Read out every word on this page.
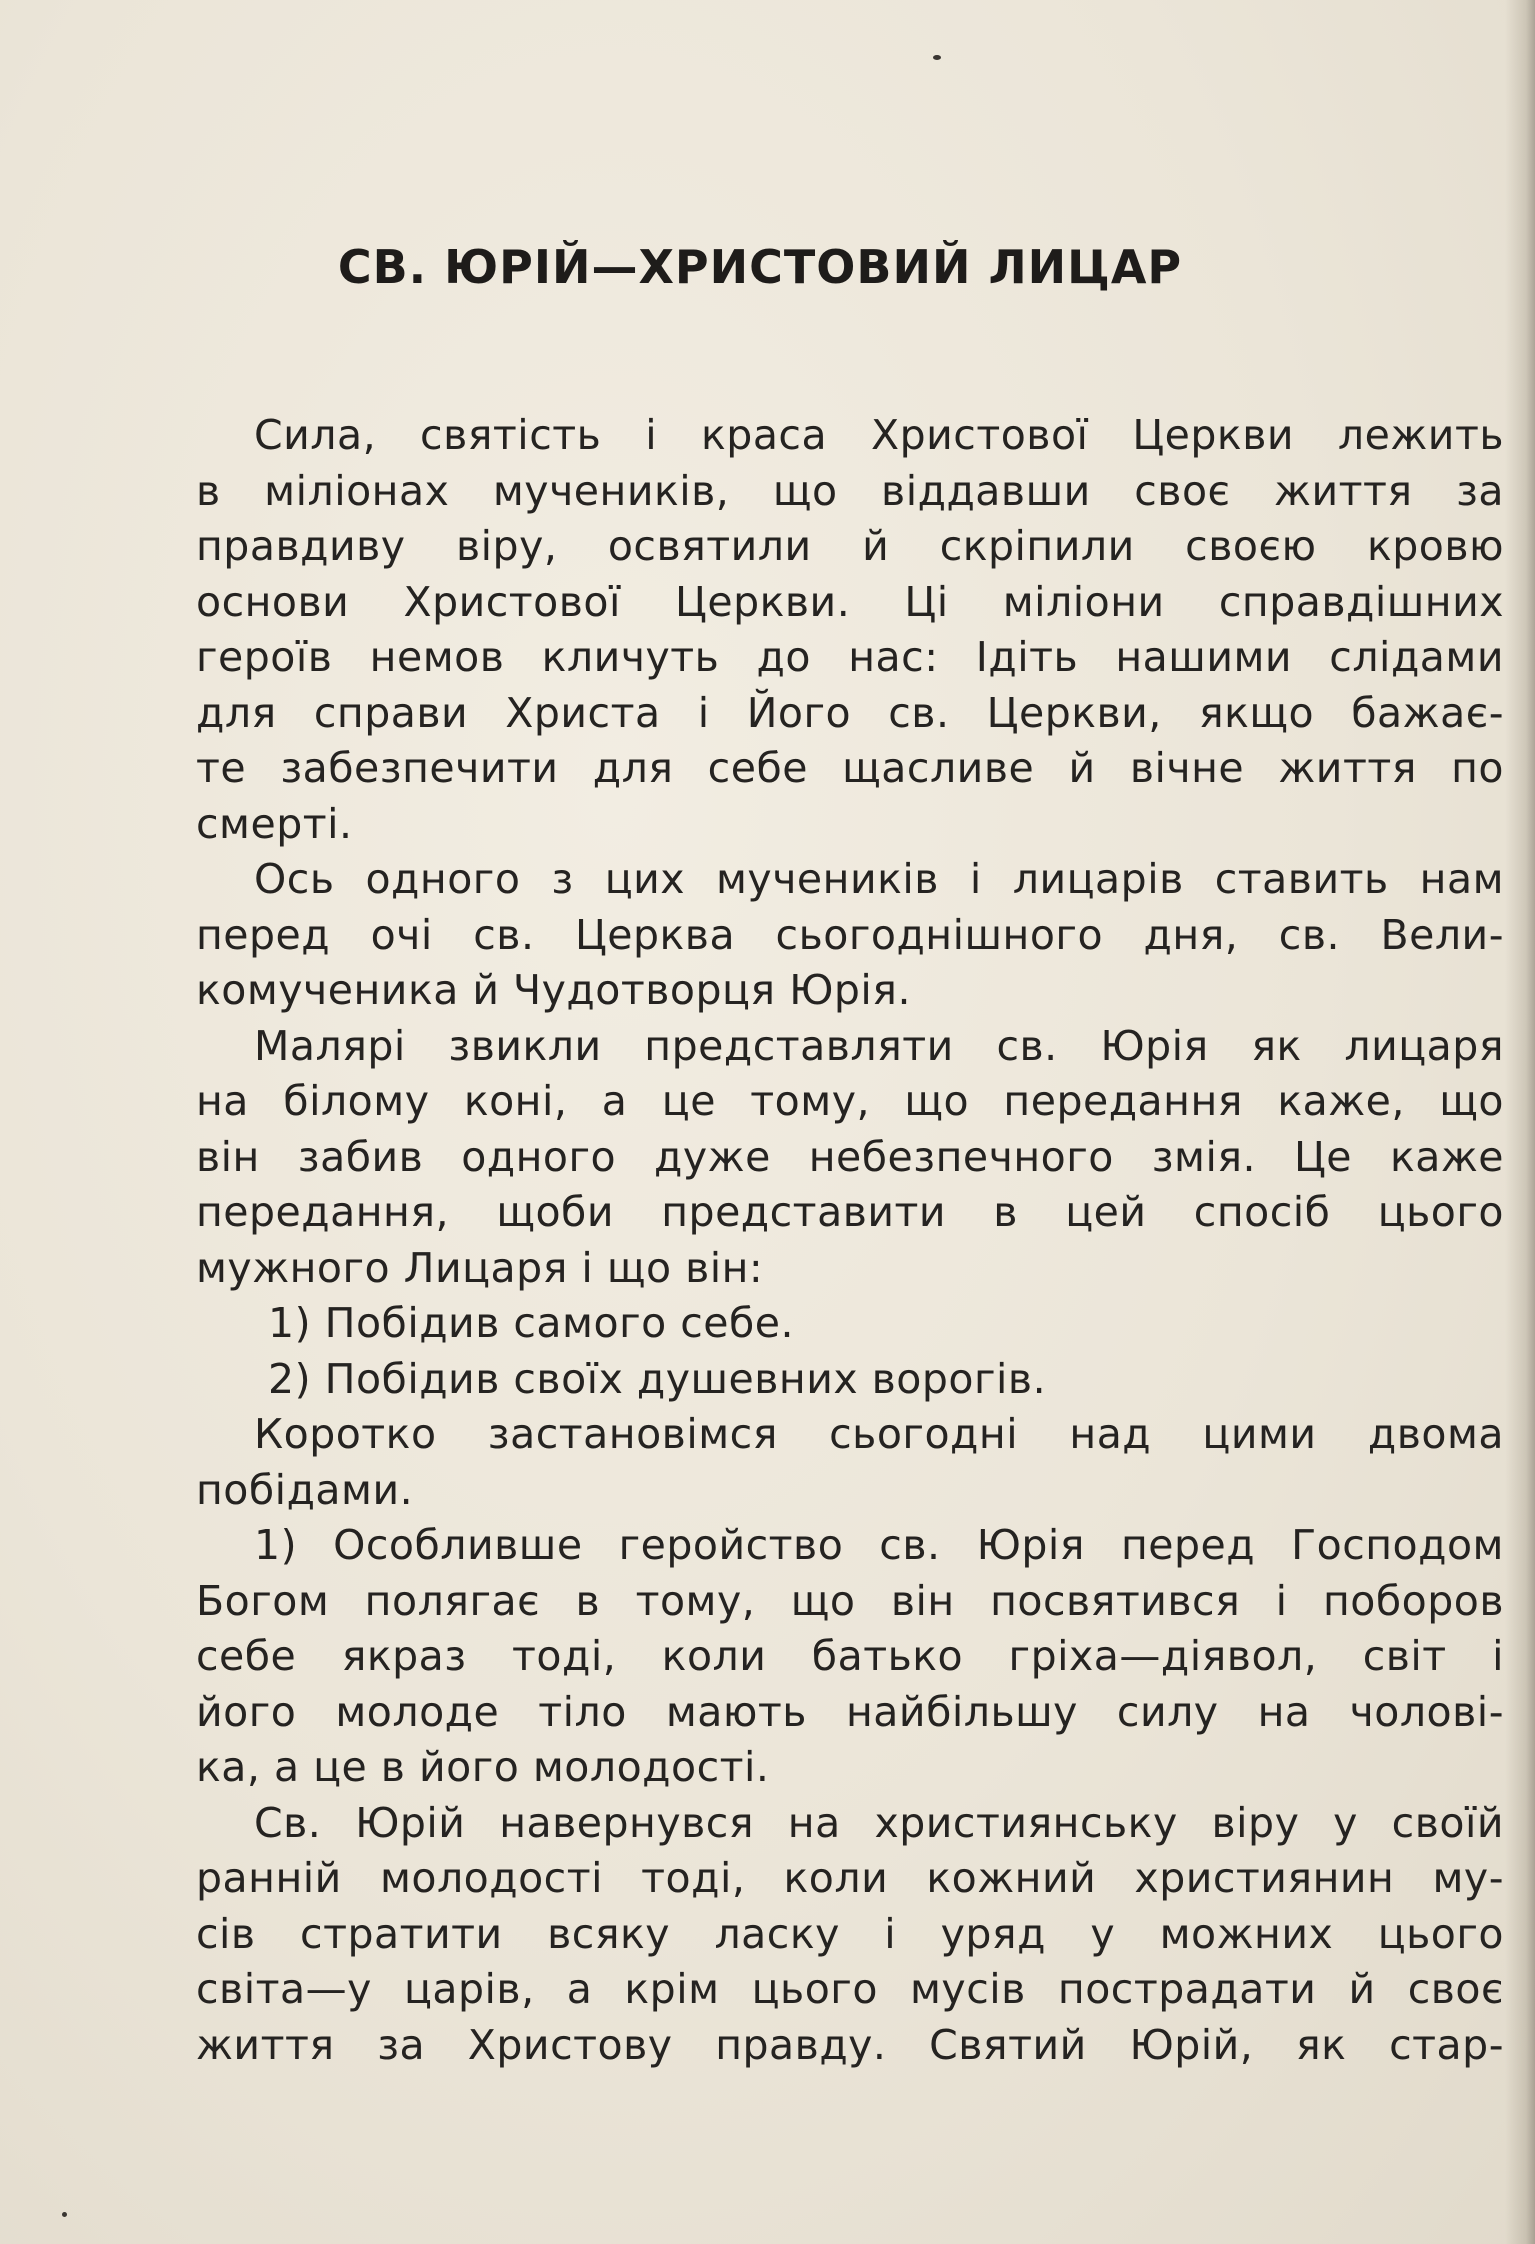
СВ. ЮРІЙ—ХРИСТОВИЙ ЛИЦАР
Сила, святість і краса Христової Церкви лежить
в міліонах мучеників, що віддавши своє життя за
правдиву віру, освятили й скріпили своєю кровю
основи Христової Церкви. Ці міліони справдішних
героїв немов кличуть до нас: Ідіть нашими слідами
для справи Христа і Його св. Церкви, якщо бажає-
те забезпечити для себе щасливе й вічне життя по
смерті.
Ось одного з цих мучеників і лицарів ставить нам
перед очі св. Церква сьогоднішного дня, св. Вели-
комученика й Чудотворця Юрія.
Малярі звикли представляти св. Юрія як лицаря
на білому коні, а це тому, що передання каже, що
він забив одного дуже небезпечного змія. Це каже
передання, щоби представити в цей спосіб цього
мужного Лицаря і що він:
1) Побідив самого себе.
2) Побідив своїх душевних ворогів.
Коротко застановімся сьогодні над цими двома
побідами.
1) Особливше геройство св. Юрія перед Господом
Богом полягає в тому, що він посвятився і поборов
себе якраз тоді, коли батько гріха—діявол, світ і
його молоде тіло мають найбільшу силу на чолові-
ка, а це в його молодості.
Св. Юрій навернувся на християнську віру у своїй
ранній молодості тоді, коли кожний християнин му-
сів стратити всяку ласку і уряд у можних цього
світа—у царів, а крім цього мусів пострадати й своє
життя за Христову правду. Святий Юрій, як стар-
